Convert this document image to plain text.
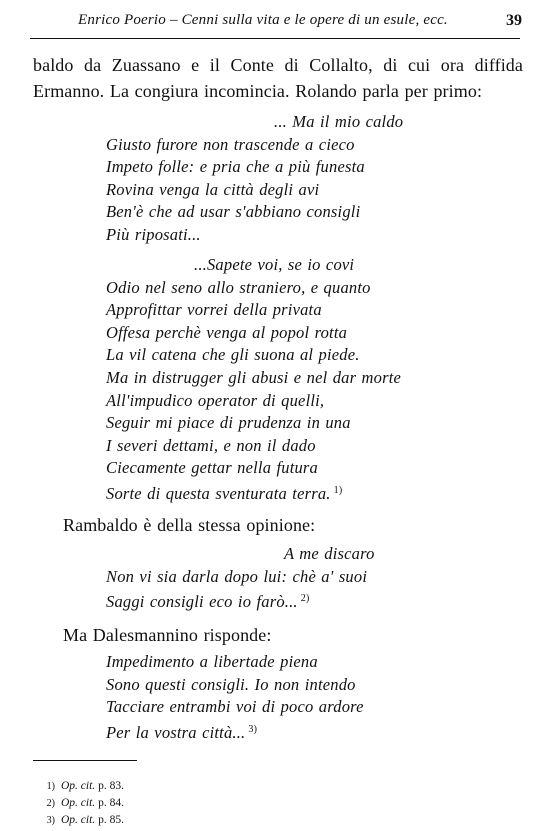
Enrico Poerio – Cenni sulla vita e le opere di un esule, ecc.	39
baldo da Zuassano e il Conte di Collalto, di cui ora diffida
Ermanno. La congiura incomincia. Rolando parla per primo:
... Ma il mio caldo
Giusto furore non trascende a cieco
Impeto folle: e pria che a più funesta
Rovina venga la città degli avi
Ben'è che ad usar s'abbiano consigli
Più riposati...
...Sapete voi, se io covi
Odio nel seno allo straniero, e quanto
Approfittar vorrei della privata
Offesa perchè venga al popol rotta
La vil catena che gli suona al piede.
Ma in distrugger gli abusi e nel dar morte
All'impudico operator di quelli,
Seguir mi piace di prudenza in una
I severi dettami, e non il dado
Ciecamente gettar nella futura
Sorte di questa sventurata terra. $^{1)}$
Rambaldo è della stessa opinione:
A me discaro
Non vi sia darla dopo lui: chè a' suoi
Saggi consigli eco io farò... $^{2)}$
Ma Dalesmannino risponde:
Impedimento a libertade piena
Sono questi consigli. Io non intendo
Tacciare entrambi voi di poco ardore
Per la vostra città... $^{3)}$
1) Op. cit. p. 83.
2) Op. cit. p. 84.
3) Op. cit. p. 85.
